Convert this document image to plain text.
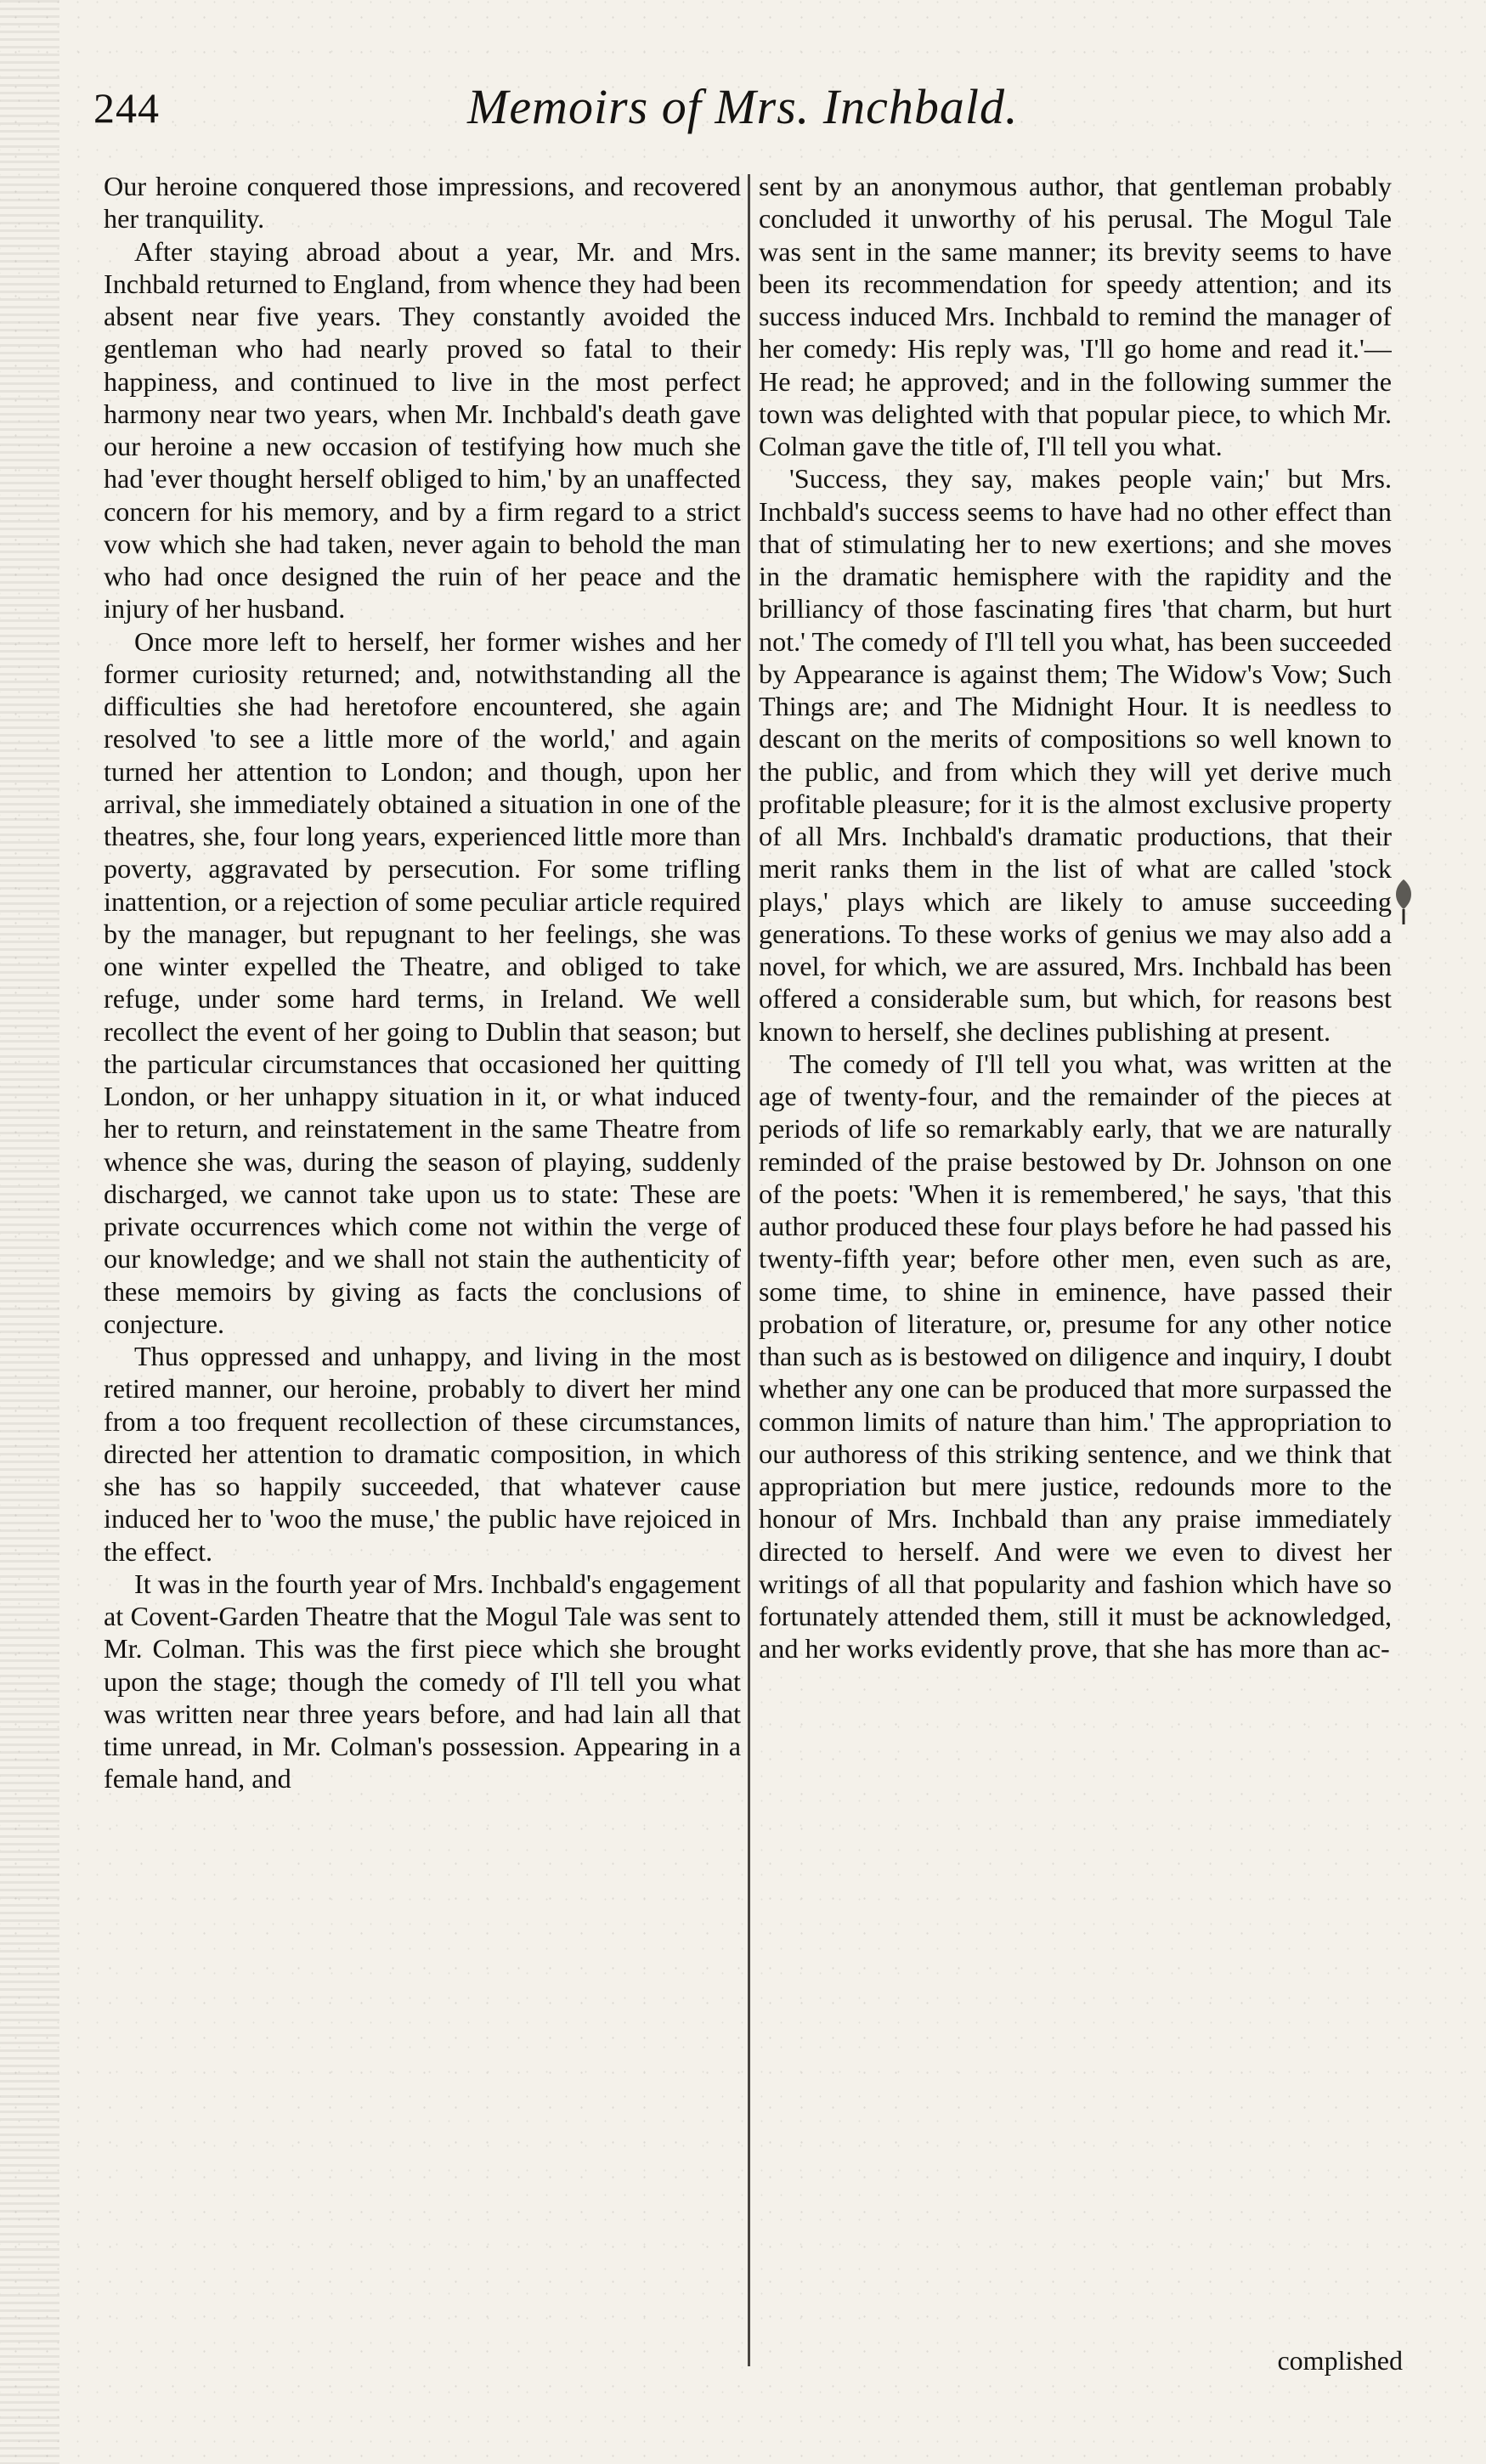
244	Memoirs of Mrs. Inchbald.

Our heroine conquered those impressions, and recovered her tranquility.

After staying abroad about a year, Mr. and Mrs. Inchbald returned to England, from whence they had been absent near five years. They constantly avoided the gentleman who had nearly proved so fatal to their happiness, and continued to live in the most perfect harmony near two years, when Mr. Inchbald's death gave our heroine a new occasion of testifying how much she had 'ever thought herself obliged to him,' by an unaffected concern for his memory, and by a firm regard to a strict vow which she had taken, never again to behold the man who had once designed the ruin of her peace and the injury of her husband.

Once more left to herself, her former wishes and her former curiosity returned; and, notwithstanding all the difficulties she had heretofore encountered, she again resolved 'to see a little more of the world,' and again turned her attention to London; and though, upon her arrival, she immediately obtained a situation in one of the theatres, she, four long years, experienced little more than poverty, aggravated by persecution. For some trifling inattention, or a rejection of some peculiar article required by the manager, but repugnant to her feelings, she was one winter expelled the Theatre, and obliged to take refuge, under some hard terms, in Ireland. We well recollect the event of her going to Dublin that season; but the particular circumstances that occasioned her quitting London, or her unhappy situation in it, or what induced her to return, and reinstatement in the same Theatre from whence she was, during the season of playing, suddenly discharged, we cannot take upon us to state: These are private occurrences which come not within the verge of our knowledge; and we shall not stain the authenticity of these memoirs by giving as facts the conclusions of conjecture.

Thus oppressed and unhappy, and living in the most retired manner, our heroine, probably to divert her mind from a too frequent recollection of these circumstances, directed her attention to dramatic composition, in which she has so happily succeeded, that whatever cause induced her to 'woo the muse,' the public have rejoiced in the effect.

It was in the fourth year of Mrs. Inchbald's engagement at Covent-Garden Theatre that the Mogul Tale was sent to Mr. Colman. This was the first piece which she brought upon the stage; though the comedy of I'll tell you what was written near three years before, and had lain all that time unread, in Mr. Colman's possession. Appearing in a female hand, and

sent by an anonymous author, that gentleman probably concluded it unworthy of his perusal. The Mogul Tale was sent in the same manner; its brevity seems to have been its recommendation for speedy attention; and its success induced Mrs. Inchbald to remind the manager of her comedy: His reply was, 'I'll go home and read it.'—He read; he approved; and in the following summer the town was delighted with that popular piece, to which Mr. Colman gave the title of, I'll tell you what.

'Success, they say, makes people vain;' but Mrs. Inchbald's success seems to have had no other effect than that of stimulating her to new exertions; and she moves in the dramatic hemisphere with the rapidity and the brilliancy of those fascinating fires 'that charm, but hurt not.' The comedy of I'll tell you what, has been succeeded by Appearance is against them; The Widow's Vow; Such Things are; and The Midnight Hour. It is needless to descant on the merits of compositions so well known to the public, and from which they will yet derive much profitable pleasure; for it is the almost exclusive property of all Mrs. Inchbald's dramatic productions, that their merit ranks them in the list of what are called 'stock plays,' plays which are likely to amuse succeeding generations. To these works of genius we may also add a novel, for which, we are assured, Mrs. Inchbald has been offered a considerable sum, but which, for reasons best known to herself, she declines publishing at present.

The comedy of I'll tell you what, was written at the age of twenty-four, and the remainder of the pieces at periods of life so remarkably early, that we are naturally reminded of the praise bestowed by Dr. Johnson on one of the poets: 'When it is remembered,' he says, 'that this author produced these four plays before he had passed his twenty-fifth year; before other men, even such as are, some time, to shine in eminence, have passed their probation of literature, or, presume for any other notice than such as is bestowed on diligence and inquiry, I doubt whether any one can be produced that more surpassed the common limits of nature than him.' The appropriation to our authoress of this striking sentence, and we think that appropriation but mere justice, redounds more to the honour of Mrs. Inchbald than any praise immediately directed to herself. And were we even to divest her writings of all that popularity and fashion which have so fortunately attended them, still it must be acknowledged, and her works evidently prove, that she has more than ac-

complished
